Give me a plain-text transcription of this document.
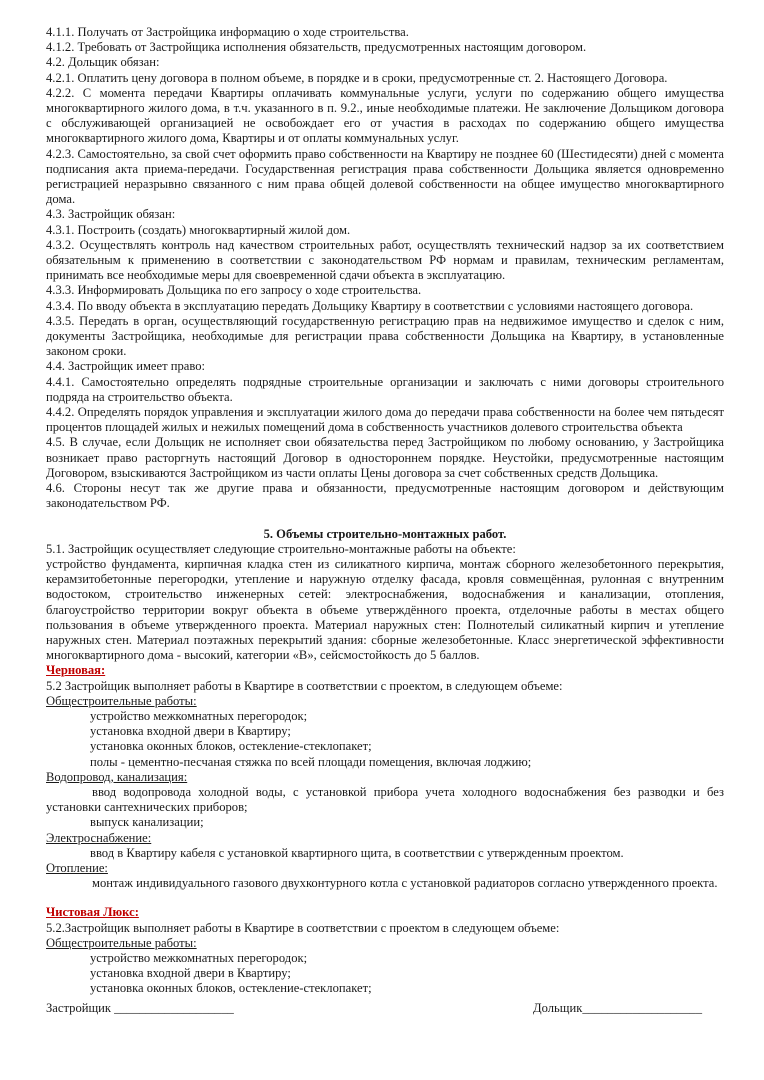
4.1.1. Получать от Застройщика информацию о ходе строительства.

4.1.2. Требовать от Застройщика исполнения обязательств, предусмотренных настоящим договором.

4.2. Дольщик обязан:

4.2.1. Оплатить цену договора в полном объеме, в порядке и в сроки, предусмотренные ст. 2. Настоящего Договора.

4.2.2. С момента передачи Квартиры оплачивать коммунальные услуги, услуги по содержанию общего имущества многоквартирного жилого дома, в т.ч. указанного в п. 9.2., иные необходимые платежи. Не заключение Дольщиком договора с обслуживающей организацией не освобождает его от участия в расходах по содержанию общего имущества многоквартирного жилого дома, Квартиры и от оплаты коммунальных услуг.

4.2.3. Самостоятельно, за свой счет оформить право собственности на Квартиру не позднее 60 (Шестидесяти) дней с момента подписания акта приема-передачи. Государственная регистрация права собственности Дольщика является одновременно регистрацией неразрывно связанного с ним права общей долевой собственности на общее имущество многоквартирного дома.

4.3. Застройщик обязан:

4.3.1. Построить (создать) многоквартирный жилой дом.

4.3.2. Осуществлять контроль над качеством строительных работ, осуществлять технический надзор за их соответствием обязательным к применению в соответствии с законодательством РФ нормам и правилам, техническим регламентам, принимать все необходимые меры для своевременной сдачи объекта в эксплуатацию.

4.3.3. Информировать Дольщика по его запросу о ходе строительства.

4.3.4. По вводу объекта в эксплуатацию передать Дольщику Квартиру в соответствии с условиями настоящего договора.

4.3.5. Передать в орган, осуществляющий государственную регистрацию прав на недвижимое имущество и сделок с ним, документы Застройщика, необходимые для регистрации права собственности Дольщика на Квартиру, в установленные законом сроки.

4.4. Застройщик имеет право:

4.4.1. Самостоятельно определять подрядные строительные организации и заключать с ними договоры строительного подряда на строительство объекта.

4.4.2. Определять порядок управления и эксплуатации жилого дома до передачи права собственности на более чем пятьдесят процентов площадей жилых и нежилых помещений дома в собственность участников долевого строительства объекта

4.5. В случае, если Дольщик не исполняет свои обязательства перед Застройщиком по любому основанию, у Застройщика возникает право расторгнуть настоящий Договор в одностороннем порядке. Неустойки, предусмотренные настоящим Договором, взыскиваются Застройщиком из части оплаты Цены договора за счет собственных средств Дольщика.

4.6. Стороны несут так же другие права и обязанности, предусмотренные настоящим договором и действующим законодательством РФ.

5. Объемы строительно-монтажных работ.

5.1. Застройщик осуществляет следующие строительно-монтажные работы на объекте:

устройство фундамента, кирпичная кладка стен из силикатного кирпича, монтаж сборного железобетонного перекрытия, керамзитобетонные перегородки, утепление и наружную отделку фасада, кровля совмещённая, рулонная с внутренним водостоком, строительство инженерных сетей: электроснабжения, водоснабжения и канализации, отопления, благоустройство территории вокруг объекта в объеме утверждённого проекта, отделочные работы в местах общего пользования в объеме утвержденного проекта. Материал наружных стен: Полнотелый силикатный кирпич и утепление наружных стен. Материал поэтажных перекрытий здания: сборные железобетонные. Класс энергетической эффективности многоквартирного дома - высокий, категории «В», сейсмостойкость до 5 баллов.

Черновая:

5.2 Застройщик выполняет работы в Квартире в соответствии с проектом, в следующем объеме:

Общестроительные работы:

устройство межкомнатных перегородок;

установка входной двери в Квартиру;

установка оконных блоков, остекление-стеклопакет;

полы - цементно-песчаная стяжка по всей площади помещения, включая лоджию;

Водопровод, канализация:

ввод водопровода холодной воды, с установкой прибора учета холодного водоснабжения без разводки и без установки сантехнических приборов;

выпуск канализации;

Электроснабжение:

ввод в Квартиру кабеля с установкой квартирного щита, в соответствии с утвержденным проектом.

Отопление:

монтаж индивидуального газового двухконтурного котла с установкой радиаторов согласно утвержденного проекта.

Чистовая Люкс:

5.2.Застройщик выполняет работы в Квартире в соответствии с проектом в следующем объеме:

Общестроительные работы:

устройство межкомнатных перегородок;

установка входной двери в Квартиру;

установка оконных блоков, остекление-стеклопакет;

Застройщик ___________________	Дольщик___________________
